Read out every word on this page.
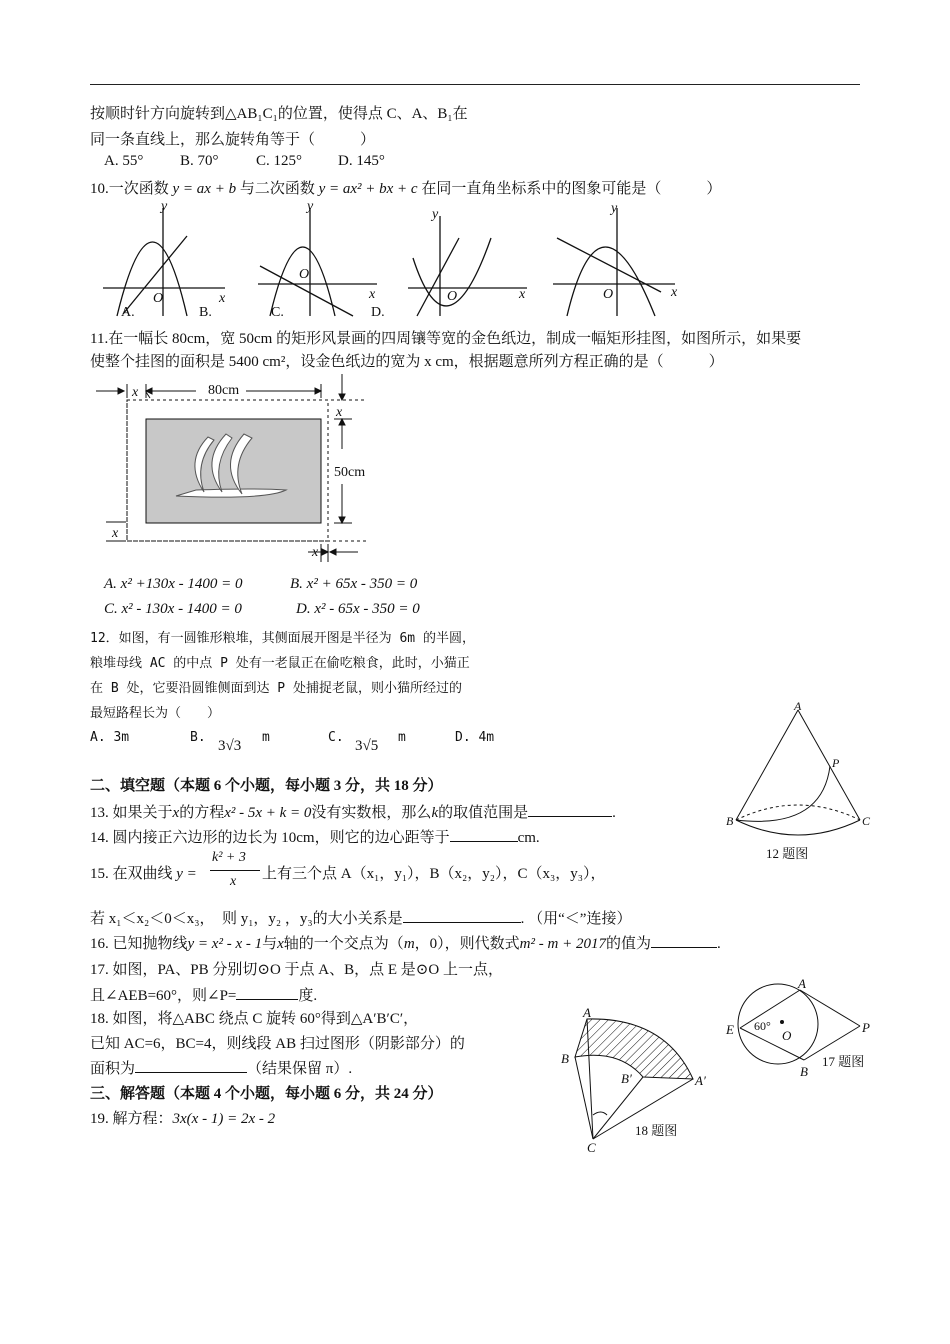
按顺时针方向旋转到△AB₁C₁的位置，使得点 C、A、B₁在
同一条直线上，那么旋转角等于（　　　）
A. 55° B. 70° C. 125° D. 145°
10.一次函数 y = ax + b 与二次函数 y = ax² + bx + c 在同一直角坐标系中的图象可能是（　　　）
y
x
O
y
x
O
y
x
O
y
x
O
A.	B.	C.	D.
11.在一幅长 80cm，宽 50cm 的矩形风景画的四周镶等宽的金色纸边，制成一幅矩形挂图，如图所示，如果要
使整个挂图的面积是 5400 cm²，设金色纸边的宽为 x cm，根据题意所列方程正确的是（　　　）
80cm
50cm
x
x
x
x
A. x² +130x - 1400 = 0	B. x² + 65x - 350 = 0
C. x² - 130x - 1400 = 0	D. x² - 65x - 350 = 0
12．如图，有一圆锥形粮堆，其侧面展开图是半径为 6m 的半圆，
粮堆母线 AC 的中点 P 处有一老鼠正在偷吃粮食，此时，小猫正
在 B 处，它要沿圆锥侧面到达 P 处捕捉老鼠，则小猫所经过的
最短路程长为（　　）
A. 3m	B.
3√3
m	C.
3√5
m	D. 4m
A
B	C
P
12 题图
二、填空题（本题 6 个小题，每小题 3 分，共 18 分）
13. 如果关于x的方程x² - 5x + k = 0没有实数根，那么k的取值范围是	.
14. 圆内接正六边形的边长为 10cm，则它的边心距等于	cm.
15. 在双曲线 y =
k² + 3
x 上有三个点 A（x₁，y₁），B（x₂，y₂），C（x₃，y₃），
若 x₁＜x₂＜0＜x₃，　则 y₁，y₂ ，y₃的大小关系是	. （用“＜”连接）
16. 已知抛物线y = x² - x - 1与x轴的一个交点为（m，0），则代数式m² - m + 2017的值为	.
17. 如图，PA、PB 分别切⊙O 于点 A、B，点 E 是⊙O 上一点，
且∠AEB=60°，则∠P=	度.
18. 如图，将△ABC 绕点 C 旋转 60°得到△A′B′C′，
已知 AC=6，BC=4，则线段 AB 扫过图形（阴影部分）的
面积为	（结果保留 π）.
三、解答题（本题 4 个小题，每小题 6 分，共 24 分）
19. 解方程：3x(x - 1) = 2x - 2
A
B
C
B′	A′
18 题图
A
B
E	O
P
60°
17 题图
